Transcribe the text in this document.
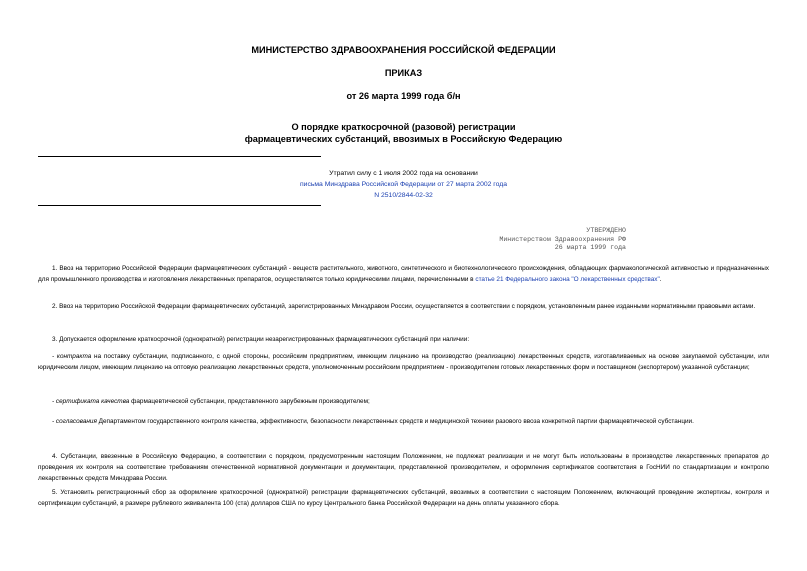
МИНИСТЕРСТВО ЗДРАВООХРАНЕНИЯ РОССИЙСКОЙ ФЕДЕРАЦИИ
ПРИКАЗ
от 26 марта 1999 года б/н
О порядке краткосрочной (разовой) регистрации
фармацевтических субстанций, ввозимых в Российскую Федерацию
Утратил силу с 1 июля 2002 года на основании
письма Минздрава Российской Федерации от 27 марта 2002 года
N 2510/2844-02-32
УТВЕРЖДЕНО
Министерством Здравоохранения РФ
26 марта 1999 года
1. Ввоз на территорию Российской Федерации фармацевтических субстанций - веществ растительного, животного, синтетического и биотехнологического происхождения, обладающих фармакологической активностью и предназначенных для промышленного производства и изготовления лекарственных препаратов, осуществляется только юридическими лицами, перечисленными в статье 21 Федерального закона "О лекарственных средствах".
2. Ввоз на территорию Российской Федерации фармацевтических субстанций, зарегистрированных Минздравом России, осуществляется в соответствии с порядком, установленным ранее изданными нормативными правовыми актами.
3. Допускается оформление краткосрочной (однократной) регистрации незарегистрированных фармацевтических субстанций при наличии:
- контракта на поставку субстанции, подписанного, с одной стороны, российским предприятием, имеющим лицензию на производство (реализацию) лекарственных средств, изготавливаемых на основе закупаемой субстанции, или юридическим лицом, имеющим лицензию на оптовую реализацию лекарственных средств, уполномоченным российским предприятием - производителем готовых лекарственных форм и поставщиком (экспортером) указанной субстанции;
- сертификата качества фармацевтической субстанции, представленного зарубежным производителем;
- согласования Департаментом государственного контроля качества, эффективности, безопасности лекарственных средств и медицинской техники разового ввоза конкретной партии фармацевтической субстанции.
4. Субстанции, ввезенные в Российскую Федерацию, в соответствии с порядком, предусмотренным настоящим Положением, не подлежат реализации и не могут быть использованы в производстве лекарственных препаратов до проведения их контроля на соответствие требованиям отечественной нормативной документации и документации, представленной производителем, и оформления сертификатов соответствия в ГосНИИ по стандартизации и контролю лекарственных средств Минздрава России.
5. Установить регистрационный сбор за оформление краткосрочной (однократной) регистрации фармацевтических субстанций, ввозимых в соответствии с настоящим Положением, включающий проведение экспертизы, контроля и сертификации субстанций, в размере рублевого эквивалента 100 (ста) долларов США по курсу Центрального банка Российской Федерации на день оплаты указанного сбора.
